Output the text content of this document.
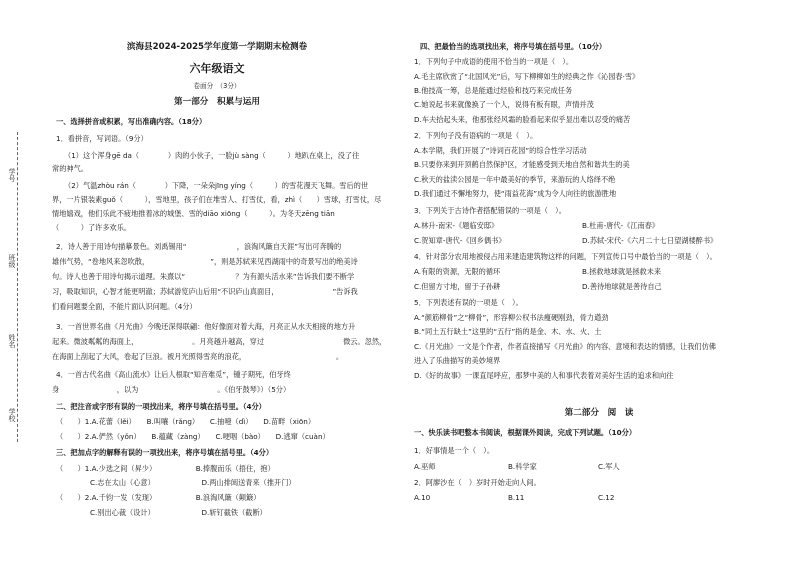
学号
班级
姓名
学校
滨海县2024-2025学年度第一学期期末检测卷
六年级语文
卷面分　（3分）
第一部分　积累与运用
一、选择拼音或积累，写出准确内容。（18分）
1．看拼音，写词语。（9分）
（1）这个浑身gē da（　　　　）肉的小伙子，一脸jù sàng（　　　）地趴在桌上，没了往
常的神气。
（2）气温zhòu rán（　　　　）下降，一朵朵jīng yíng（　　　）的雪花漫天飞舞。雪后的世
界，一片银装素guǒ（　　　），雪地里，孩子们在堆雪人、打雪仗，看，zhì（　　）雪球，打雪仗，尽
情地嬉戏，他们乐此不疲地推着冰的城堡、雪的diāo xiōng（　　　）。为冬天zēng tiān
（　　　）了许多欢乐。
2．诗人善于用诗句描摹景色。刘禹锡用“　　　　　　　，浪淘风簸自天涯”写出可奔腾的
雄伟气势，“卷地风来忽吹散，　　　　　　　　　”，则是苏轼来见西湖雨中的奇景写出的绝美诗
句。诗人也善于用诗句揭示道理。朱熹以“　　　　　　　？为有源头活水来”告诉我们要不断学
习，吸取知识，心智才能更明澈；苏轼游览庐山后用“不识庐山真面目，　　　　　　　　”告诉我
们看问题要全面，不能片面认识问题。（4分）
3．一首世界名曲《月光曲》今晚还深得联翩：他好像面对着大海，月亮正从水天相接的地方升
起来。微波粼粼的海面上，　　　　　　　　。月亮越升越高，穿过　　　　　　　　　　　微云。忽然，
在海面上刮起了大风，卷起了巨浪。被月光照得雪亮的浪花，　　　　　　　　　　　　　。
4．一首古代名曲《高山流水》让后人根取“知音难觅”，锺子期死，伯牙终
身　　　　　　　　，以为　　　　　　　　　　　。《伯牙鼓琴》）（5分）
二、把注音或字形有误的一项找出来，将序号填在括号里。（4分）
（　　）1.A.花蕾（lěi）　　B.叫嚷（rǎng）　　C.抽噎（dì）　　D.苗畔（xiōn）
（　　）2.A.俨然（yǒn）　　B.蕴藏（zàng）　　C.哽咽（bào）　　D.逃窜（cuàn）
三、把加点字的解释有误的一项找出来，将序号填在括号里。（4分）
（　　）1.A.少选之间（昇少）　　　　　　B.捧腹而乐（捂住，抱）
C.志在太山（心意）　　　　　　　D.两山排闼送青来（推开门）
（　　）2.A.千钧一发（发现）　　　　　　B.浪淘风簸（颠簸）
C.别出心裁（设计）　　　　　　　D.斩钉截铁（截断）
四、把最恰当的选项找出来，将序号填在括号里。（10分）
1．下列句子中成语的使用不恰当的一项是（　）。
A.毛主席欣赏了“北国风光”后，写下柳柳如生的经典之作《沁园春·雪》
B.他技高一筹，总是能通过经验和技巧来完成任务
C.她说起书来就像换了一个人，说得有板有眼，声情并茂
D.车夫拾起头来，他那张经风霜的脸看起来似乎显出难以忍受的痛苦
2．下列句子没有语病的一项是（　）。
A.本学期，我们开展了“诗词百花园”的综合性学习活动
B.只要你来到开顶鹤自然保护区，才能感受到天地自然和谐共生的美
C.秋天的盐渎公园是一年中最美好的季节，来游玩的人络绎不绝
D.我们通过不懈地努力，使“雨益花海”成为令人向往的旅游胜地
3．下列关于古诗作者搭配错误的一项是（　）。
A.林升-南宋-《题临安邸》	B.杜甫-唐代-《江南春》
C.贺知章-唐代-《回乡偶书》	D.苏轼-宋代-《六月二十七日望湖楼醉书》
4．针对部分农用地被侵占用来建造建筑物这样的问题，下列宣传口号中最恰当的一项是（　）。
A.有限的资源，无限的循环	B.拯救地球就是拯救未来
C.但留方寸地，留于子孙耕	D.善待地球就是善待自己
5．下列表述有误的一项是（　）。
A.“颜筋柳骨”之“柳骨”，形容柳公权书法瘦硬刚劲，骨力遒劲
B.“同土五行缺土”这里的“五行”指的是金、木、水、火、土
C.《月光曲》一文是个作者，作者直接描写《月光曲》的内容、意境和表达的情感，让我们仿佛
进入了乐曲描写的美妙境界
D.《好的故事》一课直尾呼应，那梦中美的人和事代表着对美好生活的追求和向往
第二部分　阅　读
一、快乐读书吧整本书阅读，根据课外阅读，完成下列试题。（10分）
1．好事情是一个（　）。
A.巫师	B.科学家	C.军人
2．阿廖沙在（　）岁时开始走向人间。
A.10	B.11	C.12
